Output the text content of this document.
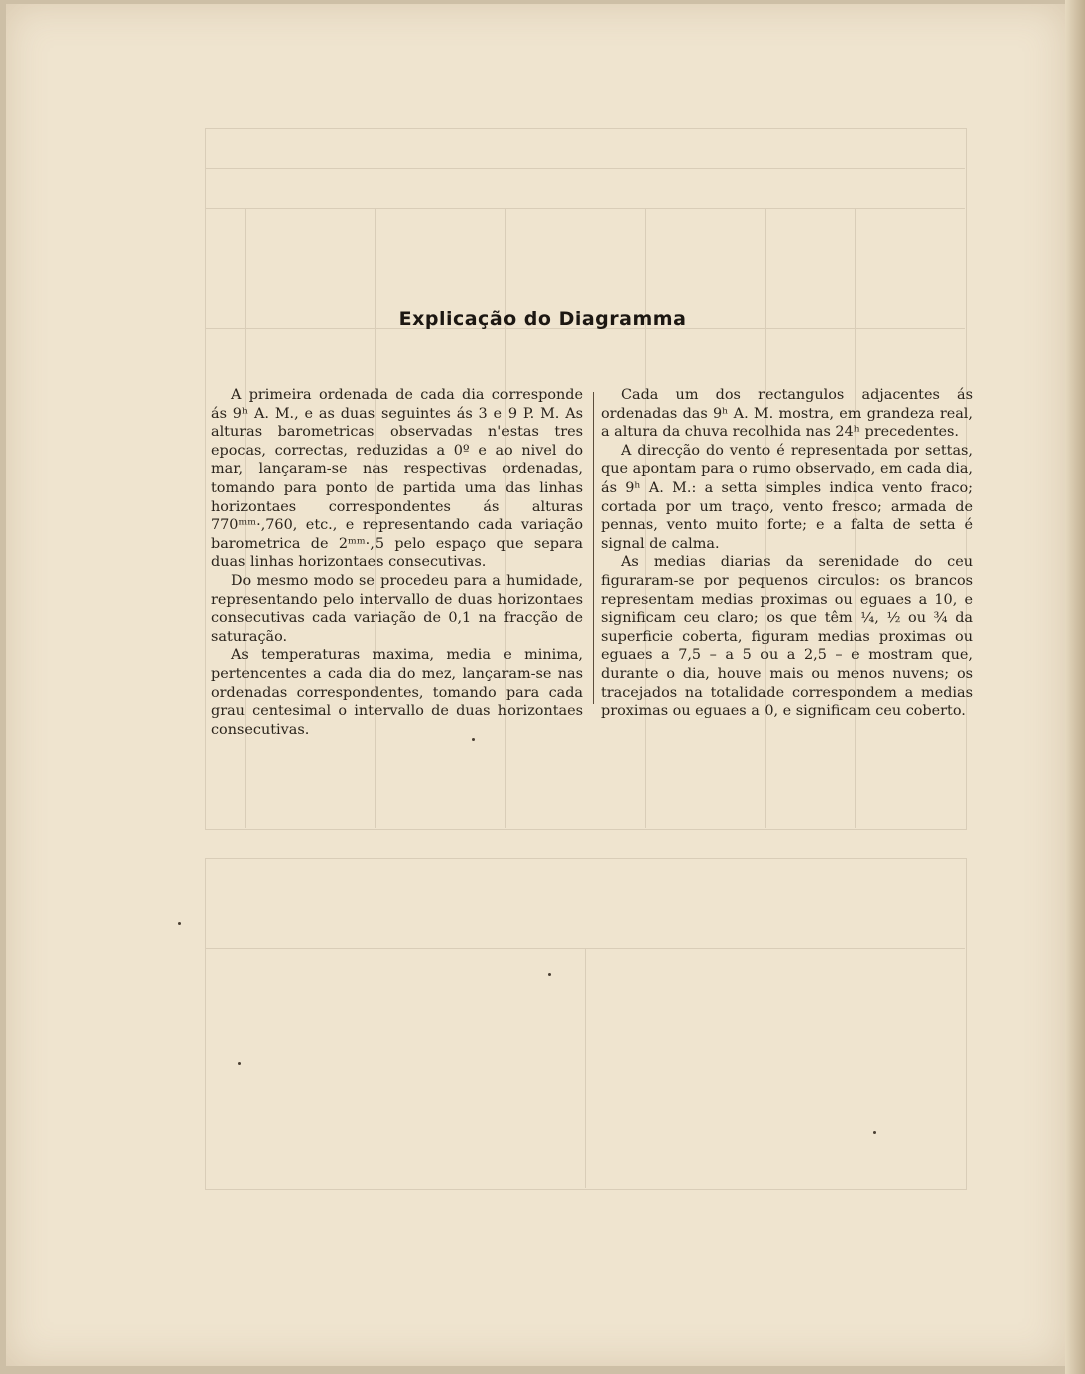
Explicação do Diagramma

A primeira ordenada de cada dia corresponde ás 9ʰ A. M., e as duas seguintes ás 3 e 9 P. M. As alturas barometricas observadas n'estas tres epocas, correctas, reduzidas a 0º e ao nivel do mar, lançaram-se nas respectivas ordenadas, tomando para ponto de partida uma das linhas horizontaes correspondentes ás alturas 770ᵐᵐ·,760, etc., e representando cada variação barometrica de 2ᵐᵐ·,5 pelo espaço que separa duas linhas horizontaes consecutivas.

Do mesmo modo se procedeu para a humidade, representando pelo intervallo de duas horizontaes consecutivas cada variação de 0,1 na fracção de saturação.

As temperaturas maxima, media e minima, pertencentes a cada dia do mez, lançaram-se nas ordenadas correspondentes, tomando para cada grau centesimal o intervallo de duas horizontaes consecutivas.

Cada um dos rectangulos adjacentes ás ordenadas das 9ʰ A. M. mostra, em grandeza real, a altura da chuva recolhida nas 24ʰ precedentes.

A direcção do vento é representada por settas, que apontam para o rumo observado, em cada dia, ás 9ʰ A. M.: a setta simples indica vento fraco; cortada por um traço, vento fresco; armada de pennas, vento muito forte; e a falta de setta é signal de calma.

As medias diarias da serenidade do ceu figuraram-se por pequenos circulos: os brancos representam medias proximas ou eguaes a 10, e significam ceu claro; os que têm ¼, ½ ou ¾ da superficie coberta, figuram medias proximas ou eguaes a 7,5 – a 5 ou a 2,5 – e mostram que, durante o dia, houve mais ou menos nuvens; os tracejados na totalidade correspondem a medias proximas ou eguaes a 0, e significam ceu coberto.
